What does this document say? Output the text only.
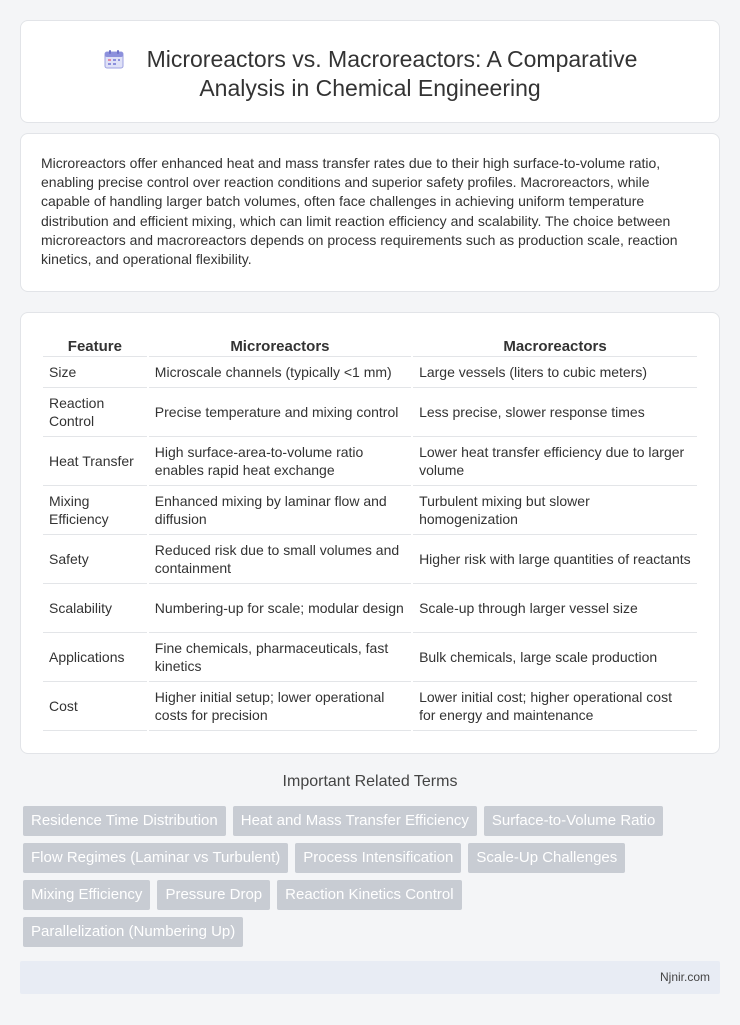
Microreactors vs. Macroreactors: A Comparative
Analysis in Chemical Engineering

Microreactors offer enhanced heat and mass transfer rates due to their high surface-to-volume ratio, enabling precise control over reaction conditions and superior safety profiles. Macroreactors, while capable of handling larger batch volumes, often face challenges in achieving uniform temperature distribution and efficient mixing, which can limit reaction efficiency and scalability. The choice between microreactors and macroreactors depends on process requirements such as production scale, reaction kinetics, and operational flexibility.

Feature	Microreactors	Macroreactors
Size	Microscale channels (typically <1 mm)	Large vessels (liters to cubic meters)
Reaction Control	Precise temperature and mixing control	Less precise, slower response times
Heat Transfer	High surface-area-to-volume ratio enables rapid heat exchange	Lower heat transfer efficiency due to larger volume
Mixing Efficiency	Enhanced mixing by laminar flow and diffusion	Turbulent mixing but slower homogenization
Safety	Reduced risk due to small volumes and containment	Higher risk with large quantities of reactants
Scalability	Numbering-up for scale; modular design	Scale-up through larger vessel size
Applications	Fine chemicals, pharmaceuticals, fast kinetics	Bulk chemicals, large scale production
Cost	Higher initial setup; lower operational costs for precision	Lower initial cost; higher operational cost for energy and maintenance
Important Related Terms
Residence Time Distribution	Heat and Mass Transfer Efficiency	Surface-to-Volume Ratio
Flow Regimes (Laminar vs Turbulent)	Process Intensification	Scale-Up Challenges
Mixing Efficiency	Pressure Drop	Reaction Kinetics Control
Parallelization (Numbering Up)
Njnir.com
